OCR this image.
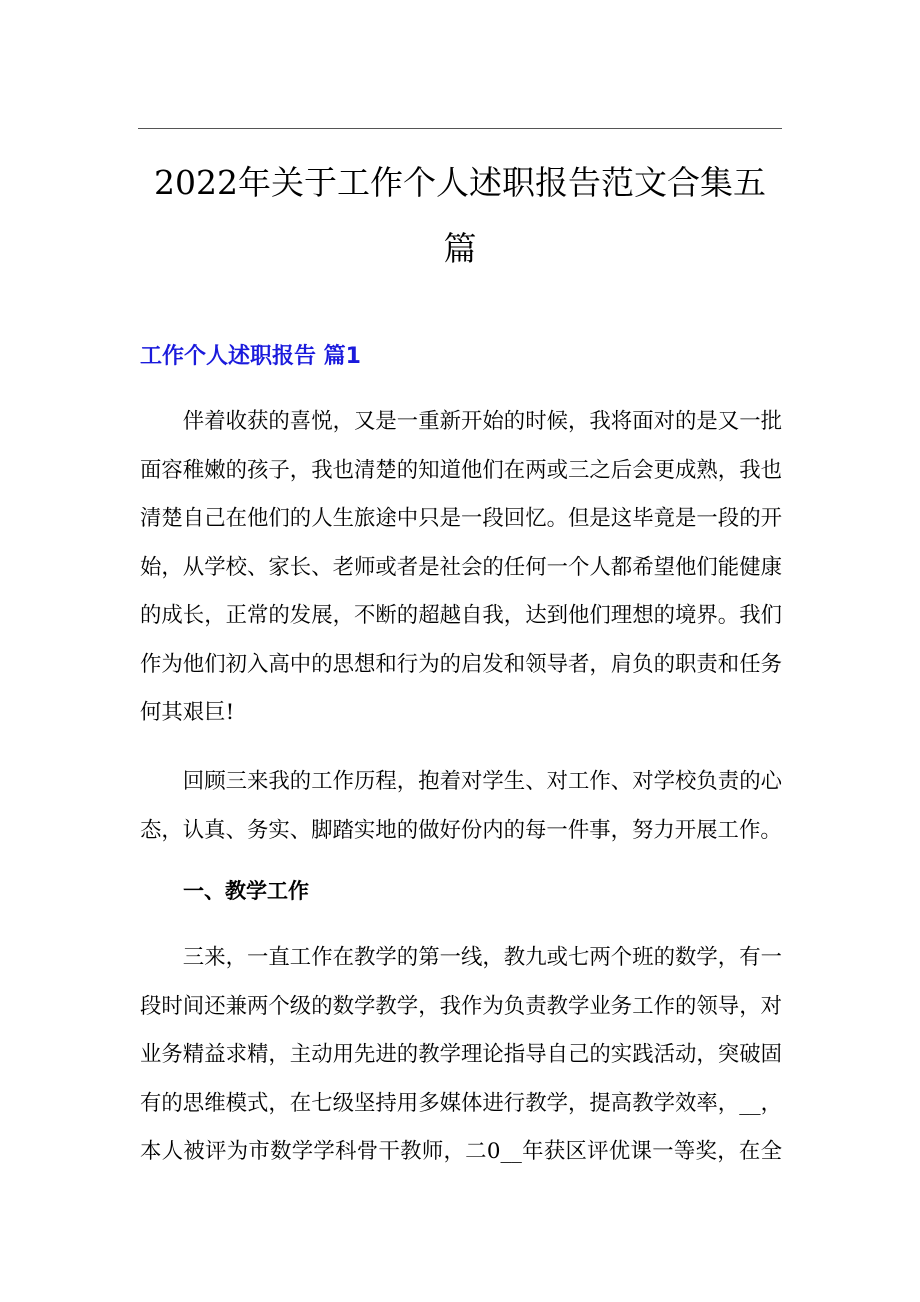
2022年关于工作个人述职报告范文合集五
篇
工作个人述职报告 篇1
伴着收获的喜悦，又是一重新开始的时候，我将面对的是又一批
面容稚嫩的孩子，我也清楚的知道他们在两或三之后会更成熟，我也
清楚自己在他们的人生旅途中只是一段回忆。但是这毕竟是一段的开
始，从学校、家长、老师或者是社会的任何一个人都希望他们能健康
的成长，正常的发展，不断的超越自我，达到他们理想的境界。我们
作为他们初入高中的思想和行为的启发和领导者，肩负的职责和任务
何其艰巨!
回顾三来我的工作历程，抱着对学生、对工作、对学校负责的心
态，认真、务实、脚踏实地的做好份内的每一件事，努力开展工作。
一、教学工作
三来，一直工作在教学的第一线，教九或七两个班的数学，有一
段时间还兼两个级的数学教学，我作为负责教学业务工作的领导，对
业务精益求精，主动用先进的教学理论指导自己的实践活动，突破固
有的思维模式，在七级坚持用多媒体进行教学，提高教学效率，__，
本人被评为市数学学科骨干教师，二0__年获区评优课一等奖，在全
